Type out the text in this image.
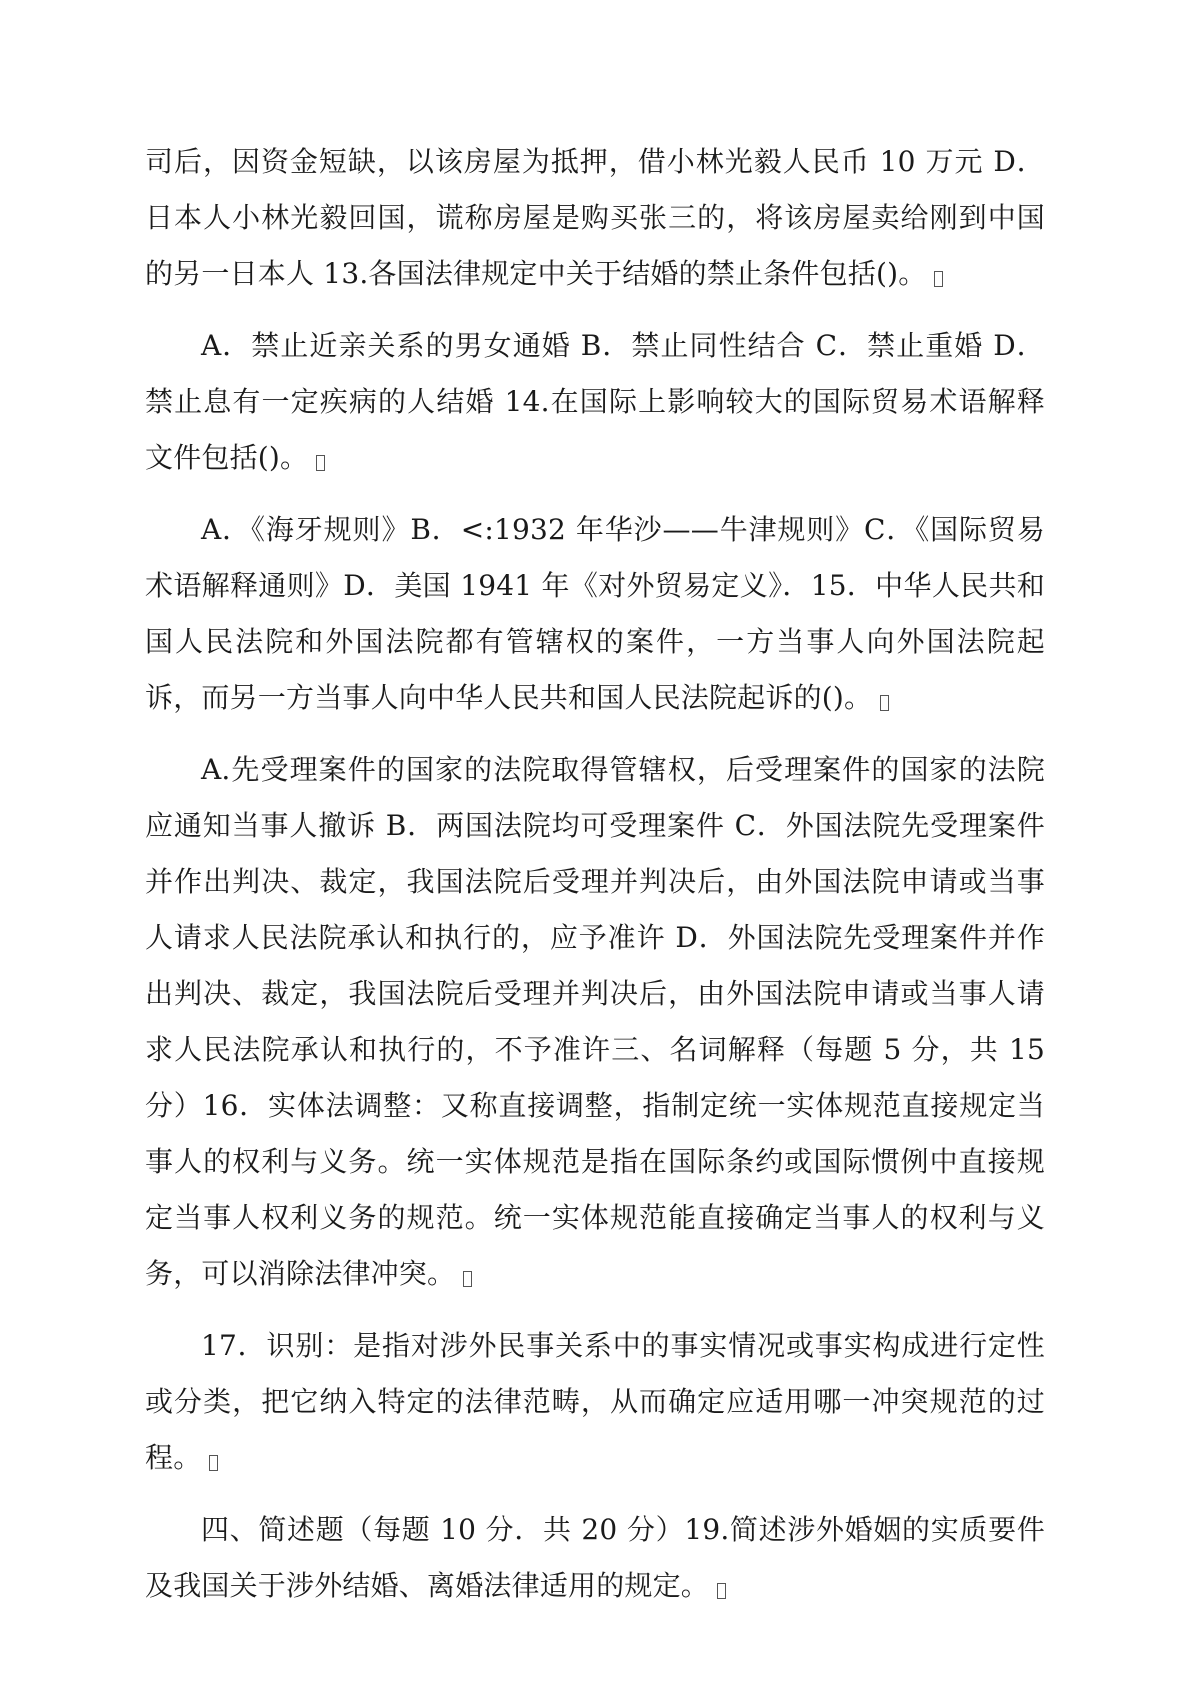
司后，因资金短缺，以该房屋为抵押，借小林光毅人民币 10 万元 D．日本人小林光毅回国，谎称房屋是购买张三的，将该房屋卖给刚到中国的另一日本人 13.各国法律规定中关于结婚的禁止条件包括()。

A．禁止近亲关系的男女通婚 B．禁止同性结合 C．禁止重婚 D．禁止息有一定疾病的人结婚 14.在国际上影响较大的国际贸易术语解释文件包括()。

A．《海牙规则》B．<:1932 年华沙——牛津规则》C．《国际贸易术语解释通则》D．美国 1941 年《对外贸易定义》．15．中华人民共和国人民法院和外国法院都有管辖权的案件，一方当事人向外国法院起诉，而另一方当事人向中华人民共和国人民法院起诉的()。

A.先受理案件的国家的法院取得管辖权，后受理案件的国家的法院应通知当事人撤诉 B．两国法院均可受理案件 C．外国法院先受理案件并作出判决、裁定，我国法院后受理并判决后，由外国法院申请或当事人请求人民法院承认和执行的，应予准许 D．外国法院先受理案件并作出判决、裁定，我国法院后受理并判决后，由外国法院申请或当事人请求人民法院承认和执行的，不予准许三、名词解释（每题 5 分，共 15 分）16．实体法调整：又称直接调整，指制定统一实体规范直接规定当事人的权利与义务。统一实体规范是指在国际条约或国际惯例中直接规定当事人权利义务的规范。统一实体规范能直接确定当事人的权利与义务，可以消除法律冲突。

17．识别：是指对涉外民事关系中的事实情况或事实构成进行定性或分类，把它纳入特定的法律范畴，从而确定应适用哪一冲突规范的过程。

四、简述题（每题 10 分．共 20 分）19.简述涉外婚姻的实质要件及我国关于涉外结婚、离婚法律适用的规定。
